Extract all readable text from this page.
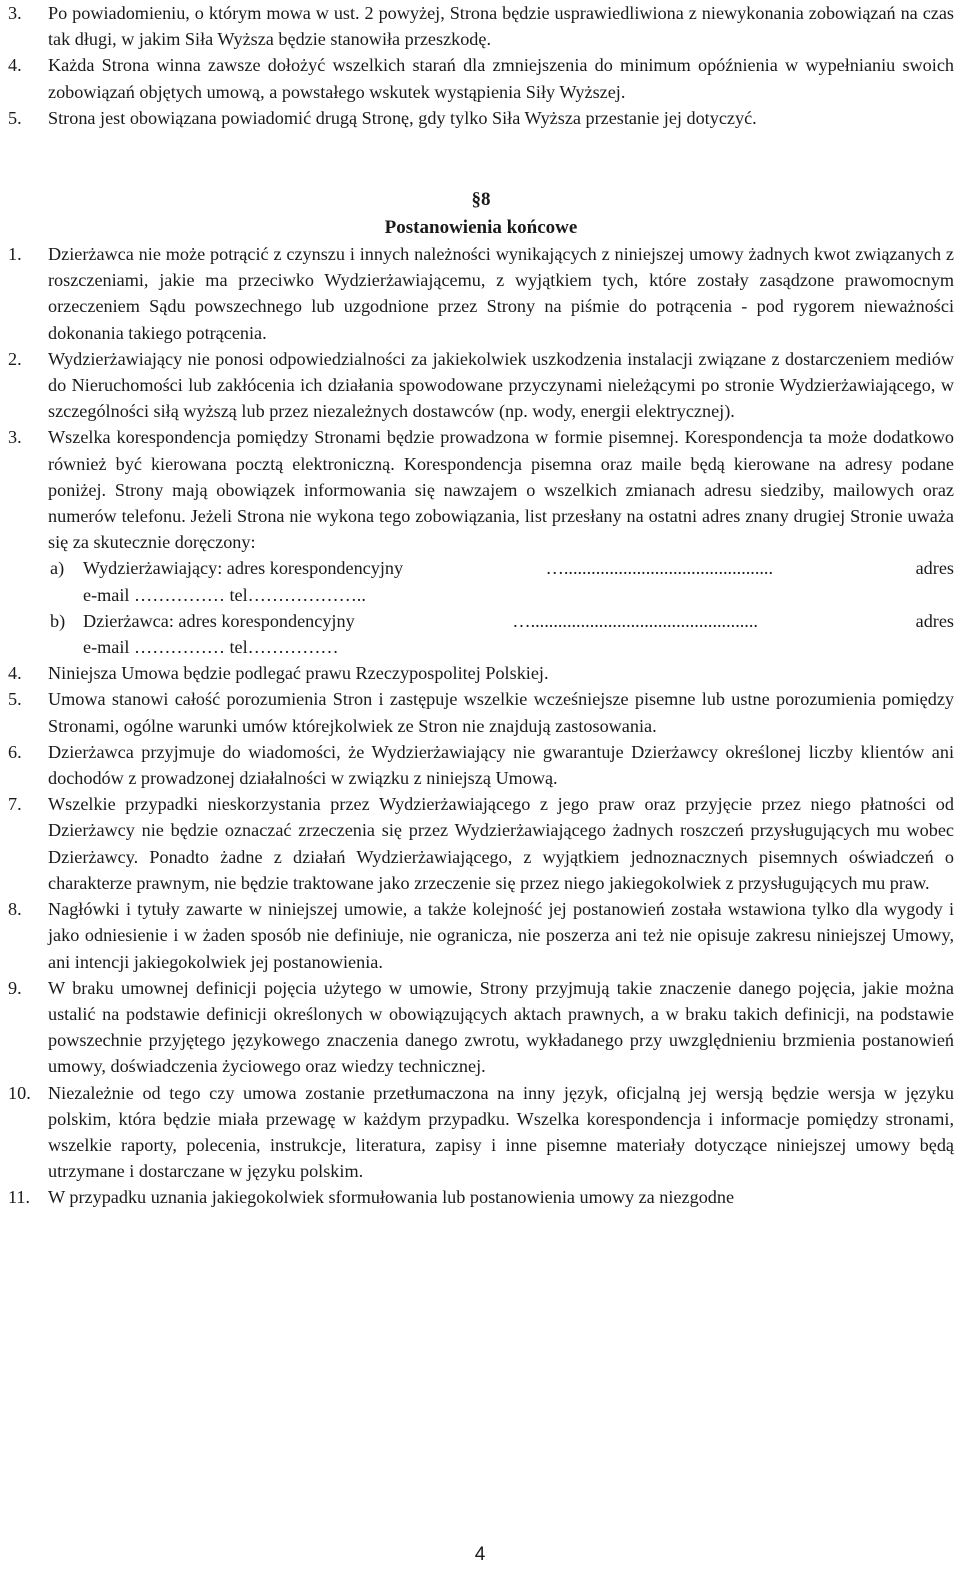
3.	Po powiadomieniu, o którym mowa w ust. 2 powyżej, Strona będzie usprawiedliwiona z niewykonania zobowiązań na czas tak długi, w jakim Siła Wyższa będzie stanowiła przeszkodę.
4.	Każda Strona winna zawsze dołożyć wszelkich starań dla zmniejszenia do minimum opóźnienia w wypełnianiu swoich zobowiązań objętych umową, a powstałego wskutek wystąpienia Siły Wyższej.
5.	Strona jest obowiązana powiadomić drugą Stronę, gdy tylko Siła Wyższa przestanie jej dotyczyć.
§8
Postanowienia końcowe
1.	Dzierżawca nie może potrącić z czynszu i innych należności wynikających z niniejszej umowy żadnych kwot związanych z roszczeniami, jakie ma przeciwko Wydzierżawiającemu, z wyjątkiem tych, które zostały zasądzone prawomocnym orzeczeniem Sądu powszechnego lub uzgodnione przez Strony na piśmie do potrącenia - pod rygorem nieważności dokonania takiego potrącenia.
2.	Wydzierżawiający nie ponosi odpowiedzialności za jakiekolwiek uszkodzenia instalacji związane z dostarczeniem mediów do Nieruchomości lub zakłócenia ich działania spowodowane przyczynami nieleżącymi po stronie Wydzierżawiającego, w szczególności siłą wyższą lub przez niezależnych dostawców (np. wody, energii elektrycznej).
3.	Wszelka korespondencja pomiędzy Stronami będzie prowadzona w formie pisemnej. Korespondencja ta może dodatkowo również być kierowana pocztą elektroniczną. Korespondencja pisemna oraz maile będą kierowane na adresy podane poniżej. Strony mają obowiązek informowania się nawzajem o wszelkich zmianach adresu siedziby, mailowych oraz numerów telefonu. Jeżeli Strona nie wykona tego zobowiązania, list przesłany na ostatni adres znany drugiej Stronie uważa się za skutecznie doręczony:
a)	Wydzierżawiający: adres korespondencyjny	…..............................................	adres
e-mail …………… tel………………..
b) Dzierżawca: adres korespondencyjny	…..................................................	adres
e-mail …………… tel……………
4.	Niniejsza Umowa będzie podlegać prawu Rzeczypospolitej Polskiej.
5.	Umowa stanowi całość porozumienia Stron i zastępuje wszelkie wcześniejsze pisemne lub ustne porozumienia pomiędzy Stronami, ogólne warunki umów którejkolwiek ze Stron nie znajdują zastosowania.
6.	Dzierżawca przyjmuje do wiadomości, że Wydzierżawiający nie gwarantuje Dzierżawcy określonej liczby klientów ani dochodów z prowadzonej działalności w związku z niniejszą Umową.
7.	Wszelkie przypadki nieskorzystania przez Wydzierżawiającego z jego praw oraz przyjęcie przez niego płatności od Dzierżawcy nie będzie oznaczać zrzeczenia się przez Wydzierżawiającego żadnych roszczeń przysługujących mu wobec Dzierżawcy. Ponadto żadne z działań Wydzierżawiającego, z wyjątkiem jednoznacznych pisemnych oświadczeń o charakterze prawnym, nie będzie traktowane jako zrzeczenie się przez niego jakiegokolwiek z przysługujących mu praw.
8.	Nagłówki i tytuły zawarte w niniejszej umowie, a także kolejność jej postanowień została wstawiona tylko dla wygody i jako odniesienie i w żaden sposób nie definiuje, nie ogranicza, nie poszerza ani też nie opisuje zakresu niniejszej Umowy, ani intencji jakiegokolwiek jej postanowienia.
9.	W braku umownej definicji pojęcia użytego w umowie, Strony przyjmują takie znaczenie danego pojęcia, jakie można ustalić na podstawie definicji określonych w obowiązujących aktach prawnych, a w braku takich definicji, na podstawie powszechnie przyjętego językowego znaczenia danego zwrotu, wykładanego przy uwzględnieniu brzmienia postanowień umowy, doświadczenia życiowego oraz wiedzy technicznej.
10. Niezależnie od tego czy umowa zostanie przetłumaczona na inny język, oficjalną jej wersją będzie wersja w języku polskim, która będzie miała przewagę w każdym przypadku. Wszelka korespondencja i informacje pomiędzy stronami, wszelkie raporty, polecenia, instrukcje, literatura, zapisy i inne pisemne materiały dotyczące niniejszej umowy będą utrzymane i dostarczane w języku polskim.
11. W przypadku uznania jakiegokolwiek sformułowania lub postanowienia umowy za niezgodne
4
